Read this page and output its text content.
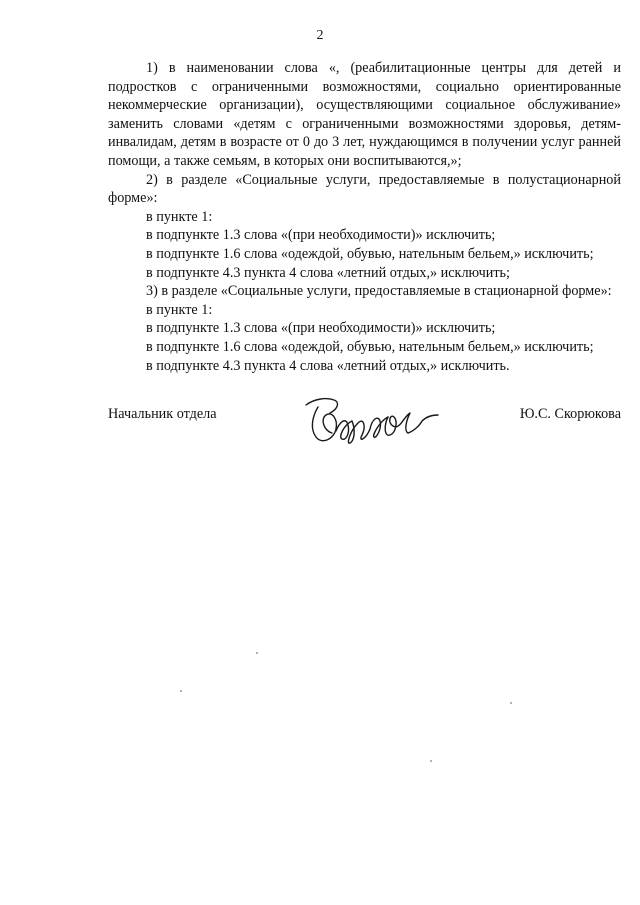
2

1) в наименовании слова «, (реабилитационные центры для детей и подростков с ограниченными возможностями, социально ориентированные некоммерческие организации), осуществляющими социальное обслуживание» заменить словами «детям с ограниченными возможностями здоровья, детям-инвалидам, детям в возрасте от 0 до 3 лет, нуждающимся в получении услуг ранней помощи, а также семьям, в которых они воспитываются,»;

2) в разделе «Социальные услуги, предоставляемые в полустационарной форме»:

в пункте 1:

в подпункте 1.3 слова «(при необходимости)» исключить;

в подпункте 1.6 слова «одеждой, обувью, нательным бельем,» исключить;

в подпункте 4.3 пункта 4 слова «летний отдых,» исключить;

3) в разделе «Социальные услуги, предоставляемые в стационарной форме»:

в пункте 1:

в подпункте 1.3 слова «(при необходимости)» исключить;

в подпункте 1.6 слова «одеждой, обувью, нательным бельем,» исключить;

в подпункте 4.3 пункта 4 слова «летний отдых,» исключить.

Начальник отдела	Ю.С. Скорюкова
